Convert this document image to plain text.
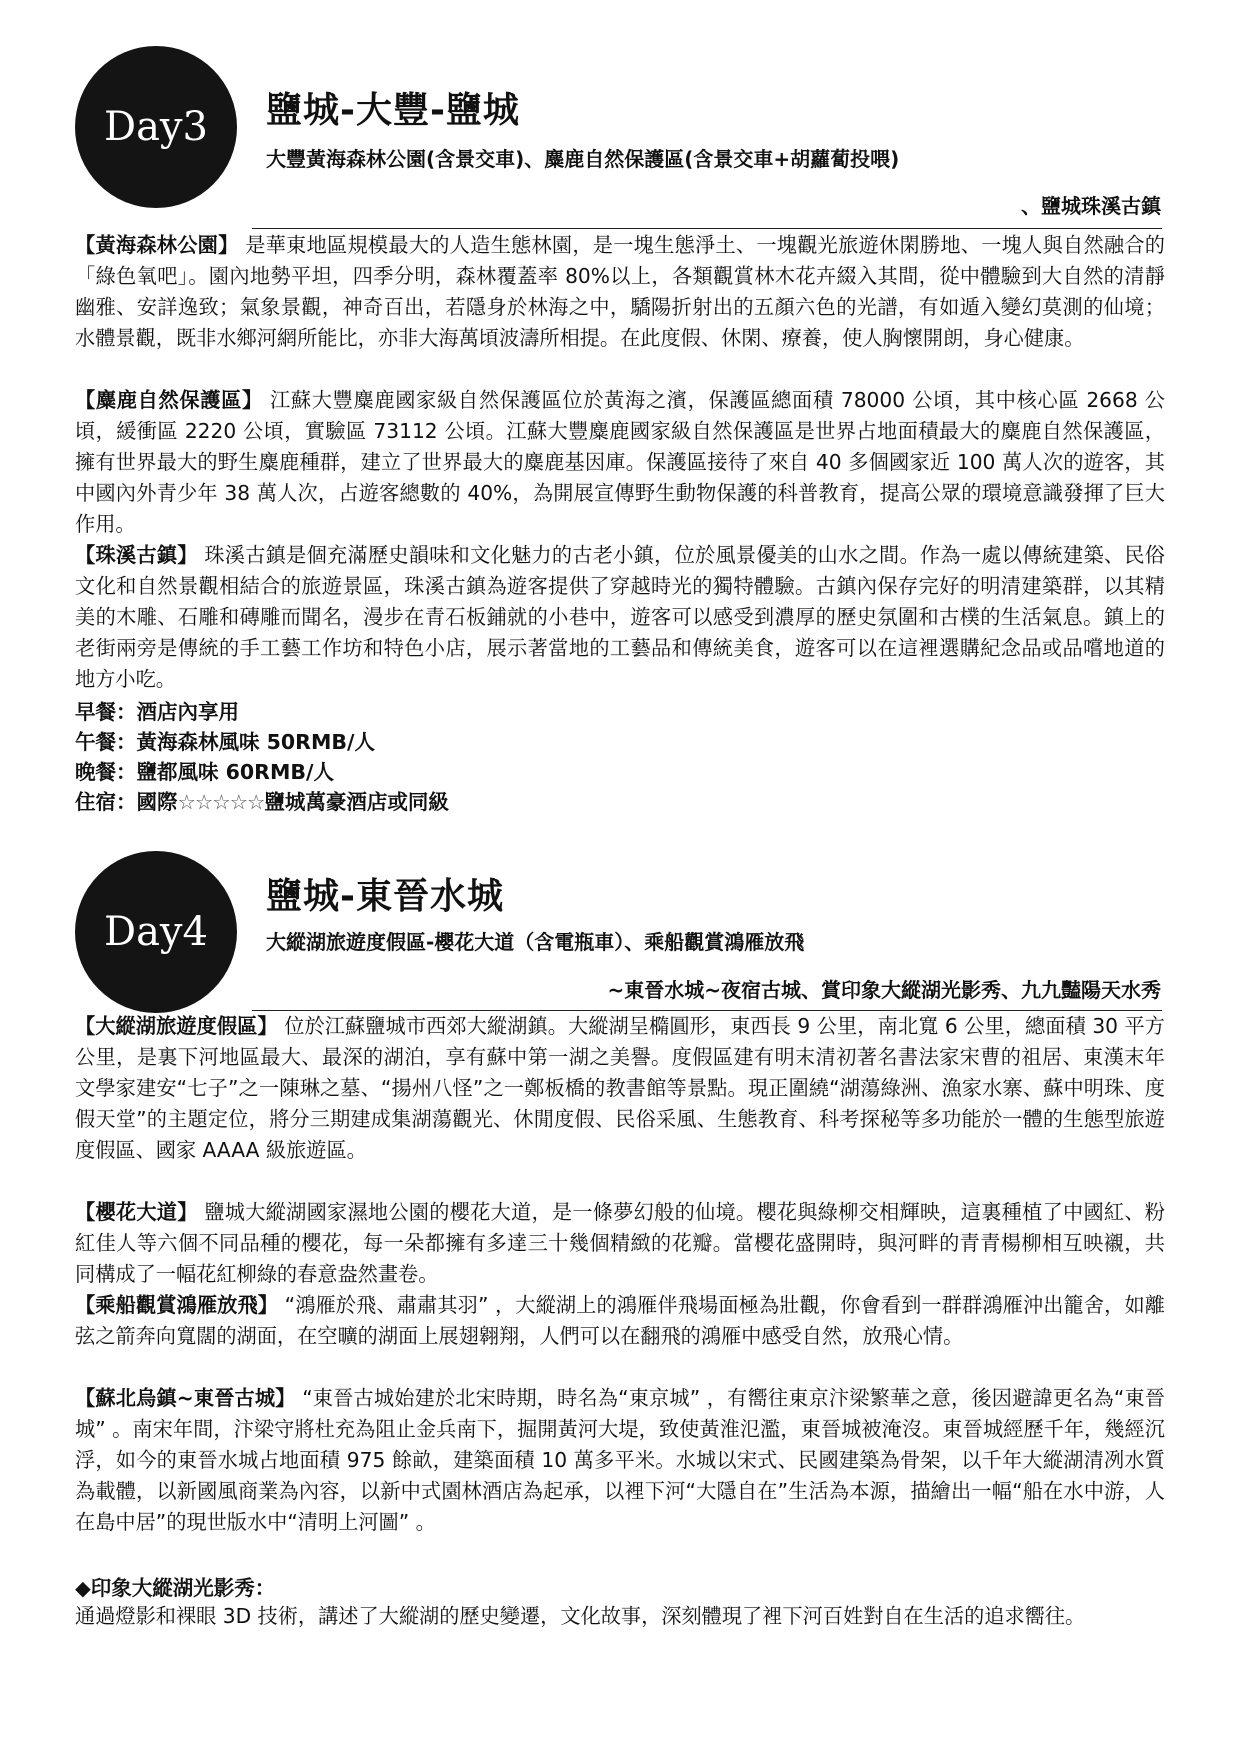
Day3	鹽城-大豐-鹽城
大豐黃海森林公園(含景交車)、麋鹿自然保護區(含景交車+胡蘿蔔投喂)
、鹽城珠溪古鎮

【黃海森林公園】 是華東地區規模最大的人造生態林園，是一塊生態淨土、一塊觀光旅遊休閑勝地、一塊人與自然融合的「綠色氧吧」。園內地勢平坦，四季分明，森林覆蓋率 80%以上，各類觀賞林木花卉綴入其間，從中體驗到大自然的清靜幽雅、安詳逸致；氣象景觀，神奇百出，若隱身於林海之中，驕陽折射出的五顏六色的光譜，有如遁入變幻莫測的仙境；水體景觀，既非水鄉河網所能比，亦非大海萬頃波濤所相提。在此度假、休閑、療養，使人胸懷開朗，身心健康。

【麋鹿自然保護區】 江蘇大豐麋鹿國家級自然保護區位於黃海之濱，保護區總面積 78000 公頃，其中核心區 2668 公頃，緩衝區 2220 公頃，實驗區 73112 公頃。江蘇大豐麋鹿國家級自然保護區是世界占地面積最大的麋鹿自然保護區，擁有世界最大的野生麋鹿種群，建立了世界最大的麋鹿基因庫。保護區接待了來自 40 多個國家近 100 萬人次的遊客，其中國內外青少年 38 萬人次，占遊客總數的 40%，為開展宣傳野生動物保護的科普教育，提高公眾的環境意識發揮了巨大作用。

【珠溪古鎮】 珠溪古鎮是個充滿歷史韻味和文化魅力的古老小鎮，位於風景優美的山水之間。作為一處以傳統建築、民俗文化和自然景觀相結合的旅遊景區，珠溪古鎮為遊客提供了穿越時光的獨特體驗。古鎮內保存完好的明清建築群，以其精美的木雕、石雕和磚雕而聞名，漫步在青石板鋪就的小巷中，遊客可以感受到濃厚的歷史氛圍和古樸的生活氣息。鎮上的老街兩旁是傳統的手工藝工作坊和特色小店，展示著當地的工藝品和傳統美食，遊客可以在這裡選購紀念品或品嚐地道的地方小吃。

早餐：酒店內享用
午餐：黃海森林風味 50RMB/人
晚餐：鹽都風味 60RMB/人
住宿：國際☆☆☆☆☆鹽城萬豪酒店或同級
Day4
鹽城-東晉水城
大縱湖旅遊度假區-櫻花大道（含電瓶車）、乘船觀賞鴻雁放飛
~東晉水城~夜宿古城、賞印象大縱湖光影秀、九九豔陽天水秀

【大縱湖旅遊度假區】 位於江蘇鹽城市西郊大縱湖鎮。大縱湖呈橢圓形，東西長 9 公里，南北寬 6 公里，總面積 30 平方公里，是裏下河地區最大、最深的湖泊，享有蘇中第一湖之美譽。度假區建有明末清初著名書法家宋曹的祖居、東漢末年文學家建安“七子”之一陳琳之墓、“揚州八怪”之一鄭板橋的教書館等景點。現正圍繞“湖蕩綠洲、漁家水寨、蘇中明珠、度假天堂”的主題定位，將分三期建成集湖蕩觀光、休閒度假、民俗采風、生態教育、科考探秘等多功能於一體的生態型旅遊度假區、國家 AAAA 級旅遊區。

【櫻花大道】 鹽城大縱湖國家濕地公園的櫻花大道，是一條夢幻般的仙境。櫻花與綠柳交相輝映，這裏種植了中國紅、粉紅佳人等六個不同品種的櫻花，每一朵都擁有多達三十幾個精緻的花瓣。當櫻花盛開時，與河畔的青青楊柳相互映襯，共同構成了一幅花紅柳綠的春意盎然畫卷。

【乘船觀賞鴻雁放飛】 “鴻雁於飛、肅肅其羽” ，大縱湖上的鴻雁伴飛場面極為壯觀，你會看到一群群鴻雁沖出籠舍，如離弦之箭奔向寬闊的湖面，在空曠的湖面上展翅翱翔，人們可以在翻飛的鴻雁中感受自然，放飛心情。

【蘇北烏鎮~東晉古城】 “東晉古城始建於北宋時期，時名為“東京城” ，有嚮往東京汴梁繁華之意，後因避諱更名為“東晉城” 。南宋年間，汴梁守將杜充為阻止金兵南下，掘開黃河大堤，致使黃淮氾濫，東晉城被淹沒。東晉城經歷千年，幾經沉浮，如今的東晉水城占地面積 975 餘畝，建築面積 10 萬多平米。水城以宋式、民國建築為骨架，以千年大縱湖清冽水質為載體，以新國風商業為內容，以新中式園林酒店為起承，以裡下河“大隱自在”生活為本源，描繪出一幅“船在水中游，人在島中居”的現世版水中“清明上河圖” 。

◆印象大縱湖光影秀：

通過燈影和裸眼 3D 技術，講述了大縱湖的歷史變遷，文化故事，深刻體現了裡下河百姓對自在生活的追求嚮往。
